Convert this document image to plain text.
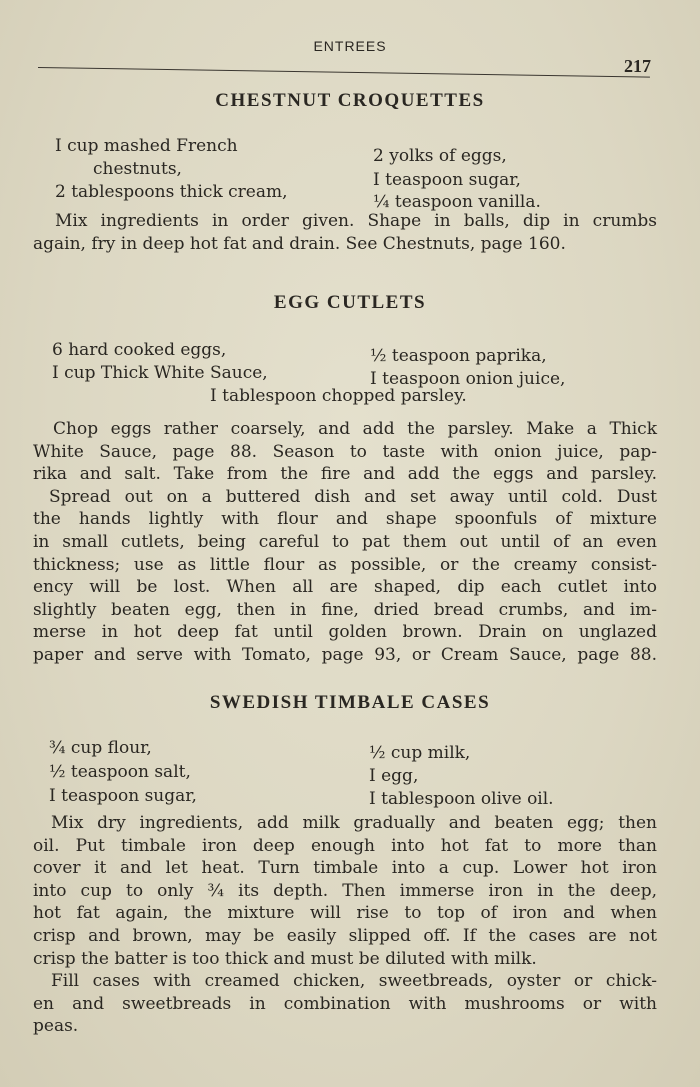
ENTREES
217
CHESTNUT CROQUETTES
I cup mashed French
chestnuts,
2 tablespoons thick cream,
2 yolks of eggs,
I teaspoon sugar,
¼ teaspoon vanilla.
Mix ingredients in order given. Shape in balls, dip in crumbs
again, fry in deep hot fat and drain. See Chestnuts, page 160.
EGG CUTLETS
6 hard cooked eggs,
I cup Thick White Sauce,
½ teaspoon paprika,
I teaspoon onion juice,
I tablespoon chopped parsley.
Chop eggs rather coarsely, and add the parsley. Make a Thick
White Sauce, page 88. Season to taste with onion juice, pap-
rika and salt. Take from the fire and add the eggs and parsley.
Spread out on a buttered dish and set away until cold. Dust
the hands lightly with flour and shape spoonfuls of mixture
in small cutlets, being careful to pat them out until of an even
thickness; use as little flour as possible, or the creamy consist-
ency will be lost. When all are shaped, dip each cutlet into
slightly beaten egg, then in fine, dried bread crumbs, and im-
merse in hot deep fat until golden brown. Drain on unglazed
paper and serve with Tomato, page 93, or Cream Sauce, page 88.
SWEDISH TIMBALE CASES
¾ cup flour,
½ teaspoon salt,
I teaspoon sugar,
½ cup milk,
I egg,
I tablespoon olive oil.
Mix dry ingredients, add milk gradually and beaten egg; then
oil. Put timbale iron deep enough into hot fat to more than
cover it and let heat. Turn timbale into a cup. Lower hot iron
into cup to only ¾ its depth. Then immerse iron in the deep,
hot fat again, the mixture will rise to top of iron and when
crisp and brown, may be easily slipped off. If the cases are not
crisp the batter is too thick and must be diluted with milk.
Fill cases with creamed chicken, sweetbreads, oyster or chick-
en and sweetbreads in combination with mushrooms or with
peas.
